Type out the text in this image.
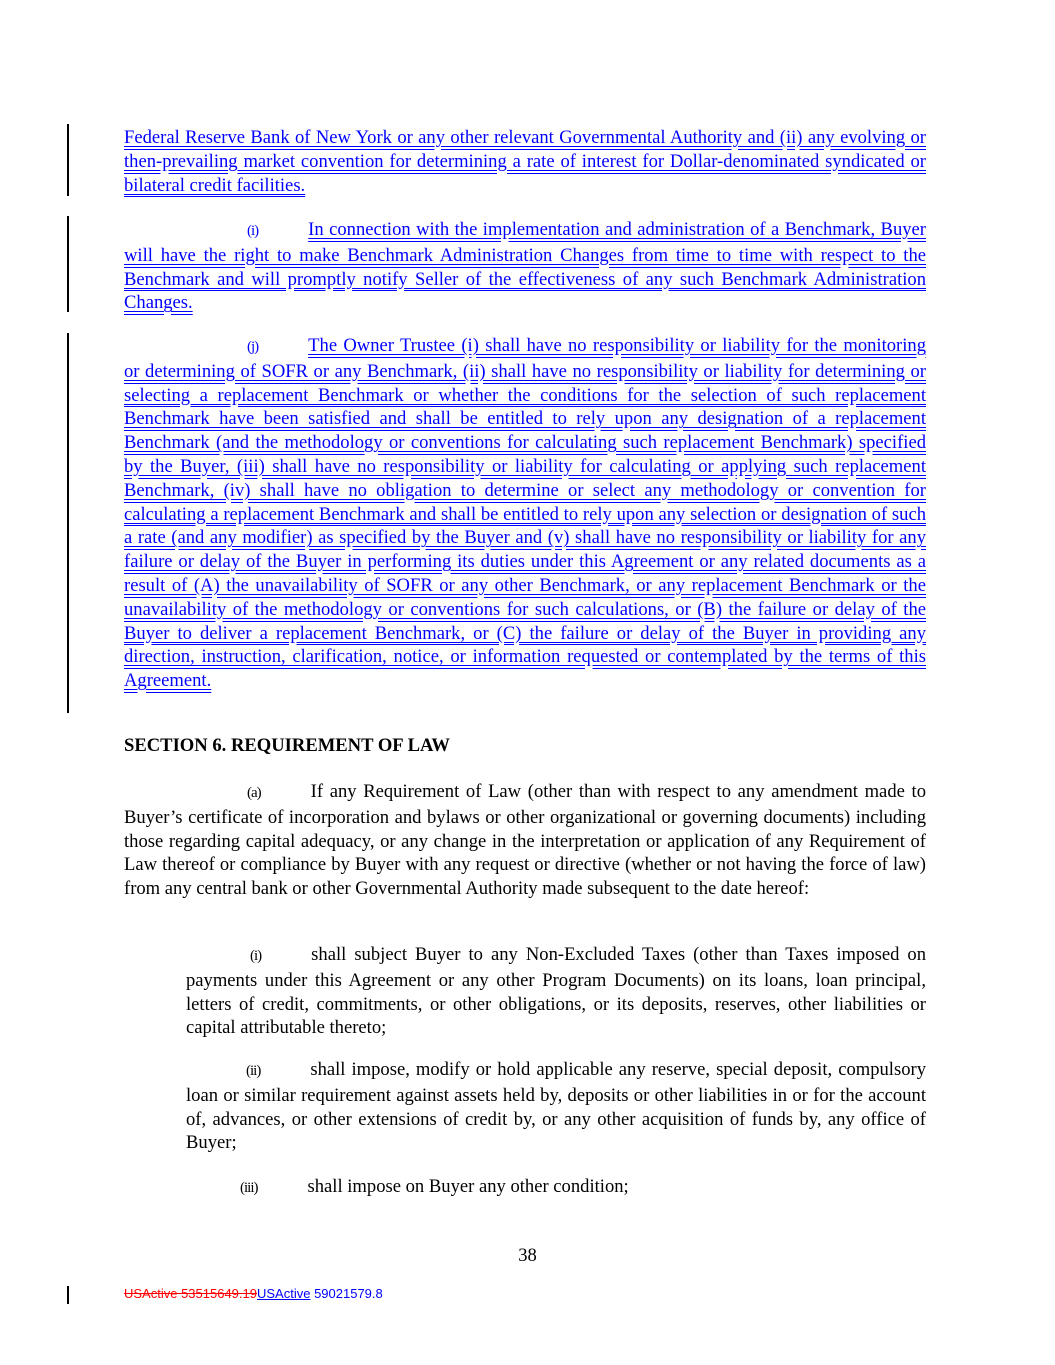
Federal Reserve Bank of New York or any other relevant Governmental Authority and (ii) any evolving or then-prevailing market convention for determining a rate of interest for Dollar-denominated syndicated or bilateral credit facilities.

(i)	In connection with the implementation and administration of a Benchmark, Buyer will have the right to make Benchmark Administration Changes from time to time with respect to the Benchmark and will promptly notify Seller of the effectiveness of any such Benchmark Administration Changes.

(j)	The Owner Trustee (i) shall have no responsibility or liability for the monitoring or determining of SOFR or any Benchmark, (ii) shall have no responsibility or liability for determining or selecting a replacement Benchmark or whether the conditions for the selection of such replacement Benchmark have been satisfied and shall be entitled to rely upon any designation of a replacement Benchmark (and the methodology or conventions for calculating such replacement Benchmark) specified by the Buyer, (iii) shall have no responsibility or liability for calculating or applying such replacement Benchmark, (iv) shall have no obligation to determine or select any methodology or convention for calculating a replacement Benchmark and shall be entitled to rely upon any selection or designation of such a rate (and any modifier) as specified by the Buyer and (v) shall have no responsibility or liability for any failure or delay of the Buyer in performing its duties under this Agreement or any related documents as a result of (A) the unavailability of SOFR or any other Benchmark, or any replacement Benchmark or the unavailability of the methodology or conventions for such calculations, or (B) the failure or delay of the Buyer to deliver a replacement Benchmark, or (C) the failure or delay of the Buyer in providing any direction, instruction, clarification, notice, or information requested or contemplated by the terms of this Agreement.

SECTION 6. REQUIREMENT OF LAW

(a)	If any Requirement of Law (other than with respect to any amendment made to Buyer’s certificate of incorporation and bylaws or other organizational or governing documents) including those regarding capital adequacy, or any change in the interpretation or application of any Requirement of Law thereof or compliance by Buyer with any request or directive (whether or not having the force of law) from any central bank or other Governmental Authority made subsequent to the date hereof:

(i)	shall subject Buyer to any Non-Excluded Taxes (other than Taxes imposed on payments under this Agreement or any other Program Documents) on its loans, loan principal, letters of credit, commitments, or other obligations, or its deposits, reserves, other liabilities or capital attributable thereto;

(ii)	shall impose, modify or hold applicable any reserve, special deposit, compulsory loan or similar requirement against assets held by, deposits or other liabilities in or for the account of, advances, or other extensions of credit by, or any other acquisition of funds by, any office of Buyer;

(iii)	shall impose on Buyer any other condition;

38
USActive 53515649.19USActive 59021579.8
